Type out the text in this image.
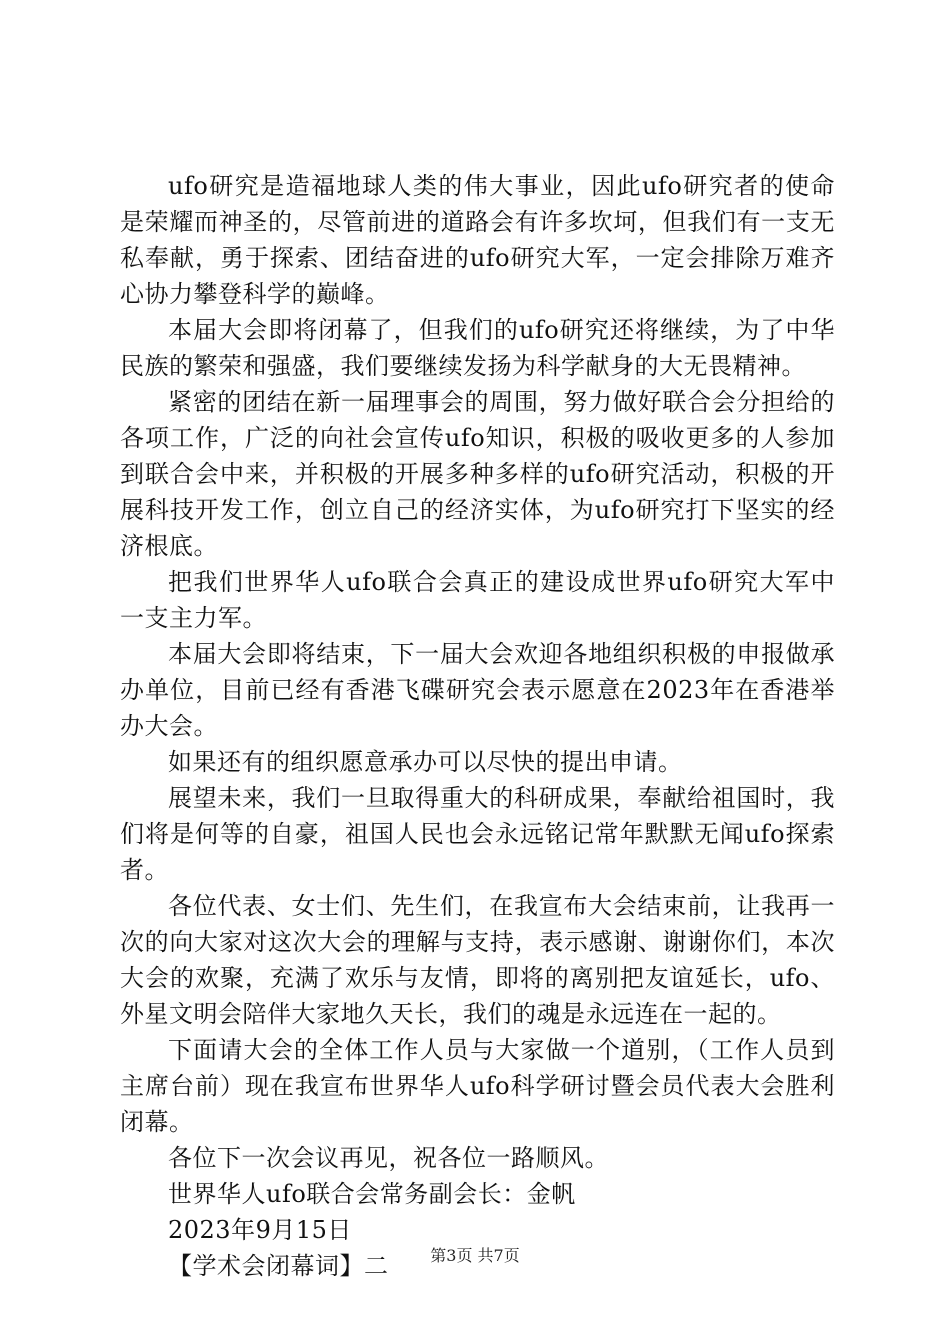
ufo研究是造福地球人类的伟大事业，因此ufo研究者的使命是荣耀而神圣的，尽管前进的道路会有许多坎坷，但我们有一支无私奉献，勇于探索、团结奋进的ufo研究大军，一定会排除万难齐心协力攀登科学的巅峰。

本届大会即将闭幕了，但我们的ufo研究还将继续，为了中华民族的繁荣和强盛，我们要继续发扬为科学献身的大无畏精神。

紧密的团结在新一届理事会的周围，努力做好联合会分担给的各项工作，广泛的向社会宣传ufo知识，积极的吸收更多的人参加到联合会中来，并积极的开展多种多样的ufo研究活动，积极的开展科技开发工作，创立自己的经济实体，为ufo研究打下坚实的经济根底。

把我们世界华人ufo联合会真正的建设成世界ufo研究大军中一支主力军。

本届大会即将结束，下一届大会欢迎各地组织积极的申报做承办单位，目前已经有香港飞碟研究会表示愿意在2023年在香港举办大会。

如果还有的组织愿意承办可以尽快的提出申请。

展望未来，我们一旦取得重大的科研成果，奉献给祖国时，我们将是何等的自豪，祖国人民也会永远铭记常年默默无闻ufo探索者。

各位代表、女士们、先生们，在我宣布大会结束前，让我再一次的向大家对这次大会的理解与支持，表示感谢、谢谢你们，本次大会的欢聚，充满了欢乐与友情，即将的离别把友谊延长，ufo、外星文明会陪伴大家地久天长，我们的魂是永远连在一起的。

下面请大会的全体工作人员与大家做一个道别，（工作人员到主席台前）现在我宣布世界华人ufo科学研讨暨会员代表大会胜利闭幕。

各位下一次会议再见，祝各位一路顺风。

世界华人ufo联合会常务副会长：金帆

2023年9月15日

【学术会闭幕词】二	第3页 共7页
